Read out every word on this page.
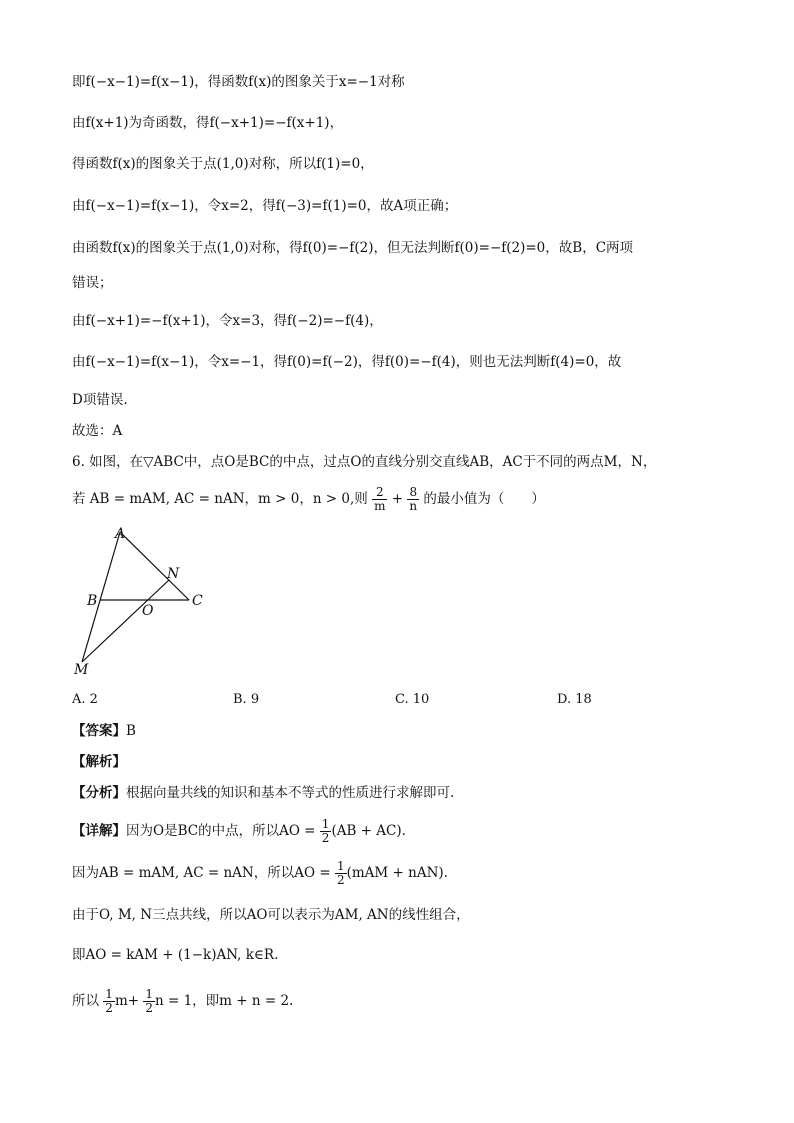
即f(−x−1)=f(x−1)，得函数f(x)的图象关于x=−1对称
由f(x+1)为奇函数，得f(−x+1)=−f(x+1)，
得函数f(x)的图象关于点(1,0)对称，所以f(1)=0，
由f(−x−1)=f(x−1)，令x=2，得f(−3)=f(1)=0，故A项正确；
由函数f(x)的图象关于点(1,0)对称，得f(0)=−f(2)，但无法判断f(0)=−f(2)=0，故B，C两项
错误；
由f(−x+1)=−f(x+1)，令x=3，得f(−2)=−f(4)，
由f(−x−1)=f(x−1)，令x=−1，得f(0)=f(−2)，得f(0)=−f(4)，则也无法判断f(4)=0，故
D项错误.
故选：A
6. 如图，在▽ABC中，点O是BC的中点，过点O的直线分别交直线AB，AC于不同的两点M，N，
若 AB = mAM, AC = nAN，m > 0，n > 0,则 $\frac{2}{m} + \frac{8}{n}$ 的最小值为（　　）
A
B	C
N
O
M
A. 2	B. 9	C. 10	D. 18
【答案】B
【解析】
【分析】根据向量共线的知识和基本不等式的性质进行求解即可.
【详解】因为O是BC的中点，所以AO = $\frac{1}{2} (AB + AC)$.
因为AB = mAM, AC = nAN，所以AO = $\frac{1}{2} (mAM + nAN)$.
由于O, M, N三点共线，所以AO可以表示为AM, AN的线性组合，
即AO = kAM + (1−k)AN, k∈R.
所以 $\frac{1}{2} m+ \frac{1}{2}$ n = 1，即m + n = 2.
